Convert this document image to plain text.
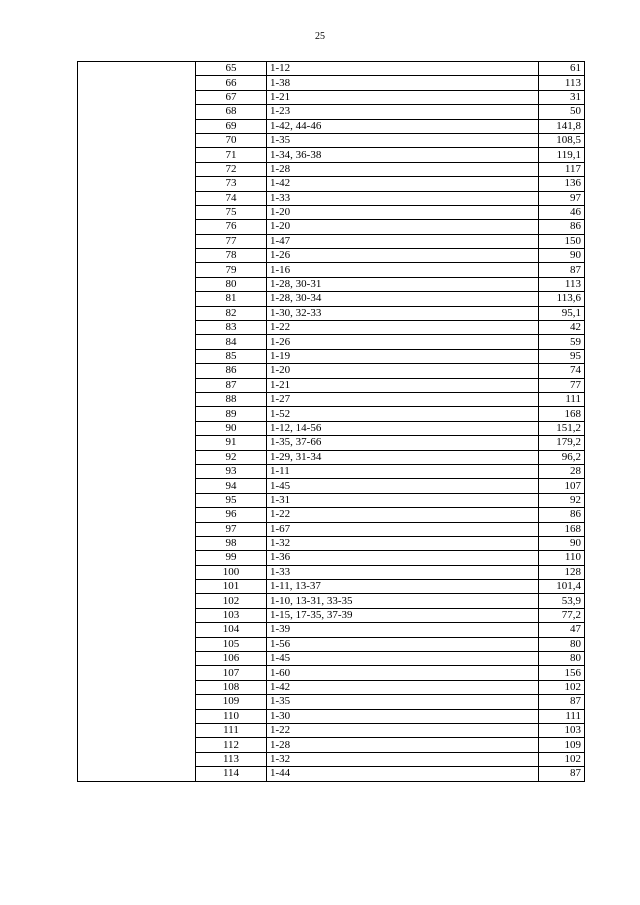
25
	65	1-12	61
	66	1-38	113
	67	1-21	31
	68	1-23	50
	69	1-42, 44-46	141,8
	70	1-35	108,5
	71	1-34, 36-38	119,1
	72	1-28	117
	73	1-42	136
	74	1-33	97
	75	1-20	46
	76	1-20	86
	77	1-47	150
	78	1-26	90
	79	1-16	87
	80	1-28, 30-31	113
	81	1-28, 30-34	113,6
	82	1-30, 32-33	95,1
	83	1-22	42
	84	1-26	59
	85	1-19	95
	86	1-20	74
	87	1-21	77
	88	1-27	111
	89	1-52	168
	90	1-12, 14-56	151,2
	91	1-35, 37-66	179,2
	92	1-29, 31-34	96,2
	93	1-11	28
	94	1-45	107
	95	1-31	92
	96	1-22	86
	97	1-67	168
	98	1-32	90
	99	1-36	110
	100	1-33	128
	101	1-11, 13-37	101,4
	102	1-10, 13-31, 33-35	53,9
	103	1-15, 17-35, 37-39	77,2
	104	1-39	47
	105	1-56	80
	106	1-45	80
	107	1-60	156
	108	1-42	102
	109	1-35	87
	110	1-30	111
	111	1-22	103
	112	1-28	109
	113	1-32	102
	114	1-44	87
